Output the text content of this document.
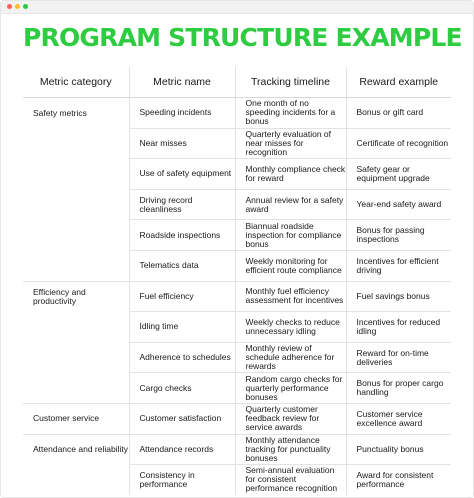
PROGRAM STRUCTURE EXAMPLE
Metric category	Metric name	Tracking timeline	Reward example

Safety metrics	Speeding incidents	One month of no speeding incidents for a bonus	Bonus or gift card

	Near misses	Quarterly evaluation of near misses for recognition	Certificate of recognition

	Use of safety equipment	Monthly compliance check for reward	Safety gear or equipment upgrade

	Driving record cleanliness	Annual review for a safety award	Year-end safety award

	Roadside inspections	Biannual roadside inspection for compliance bonus	Bonus for passing inspections

	Telematics data	Weekly monitoring for efficient route compliance	Incentives for efficient driving

Efficiency and productivity	Fuel efficiency	Monthly fuel efficiency assessment for incentives	Fuel savings bonus

	Idling time	Weekly checks to reduce unnecessary idling	Incentives for reduced idling

	Adherence to schedules	Monthly review of schedule adherence for rewards	Reward for on-time deliveries

	Cargo checks	Random cargo checks for quarterly performance bonuses	Bonus for proper cargo handling

Customer service	Customer satisfaction	Quarterly customer feedback review for service awards	Customer service excellence award

Attendance and reliability	Attendance records	Monthly attendance tracking for punctuality bonuses	Punctuality bonus

	Consistency in performance	Semi-annual evaluation for consistent performance recognition	Award for consistent performance
